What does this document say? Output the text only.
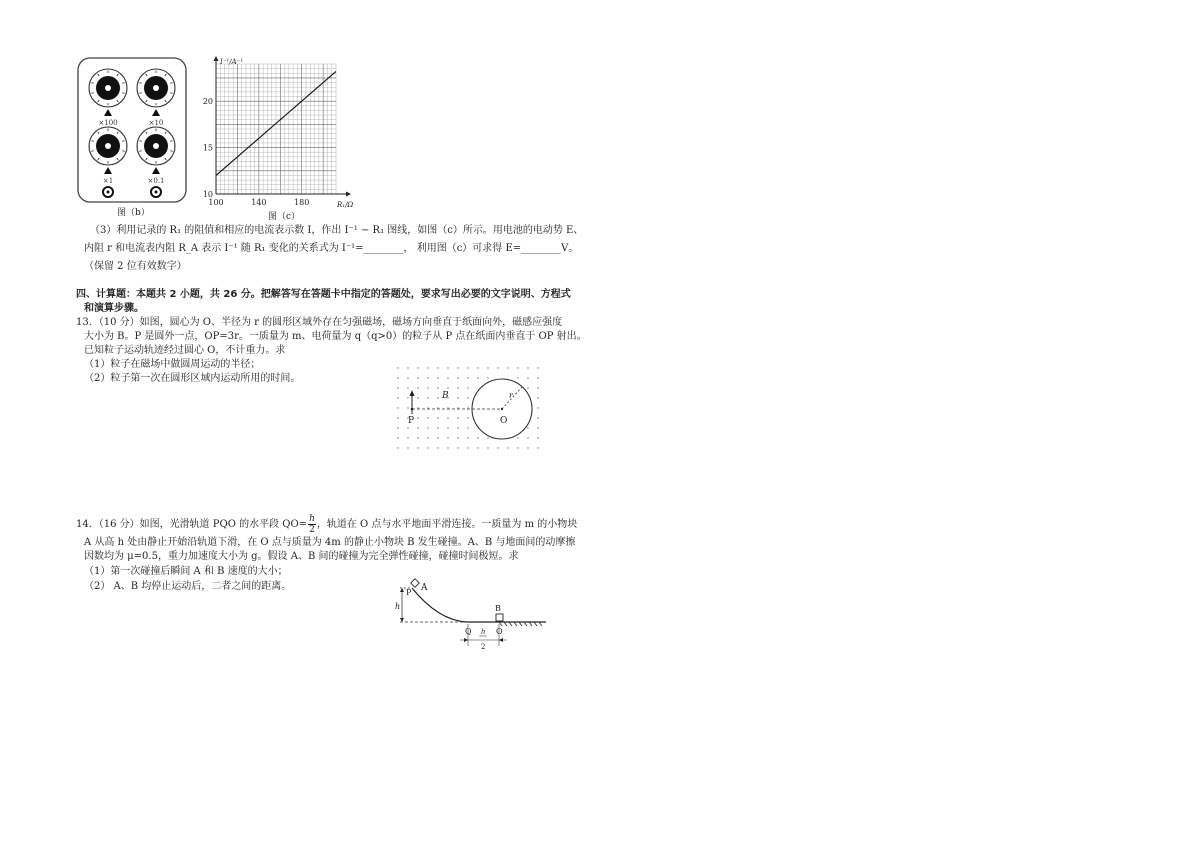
×100	×10
×1	×0.1
图（b）
I⁻¹/A⁻¹
R₁/Ω
20
15
10
100	140	180
图（c）
（3）利用记录的 R₁ 的阻值和相应的电流表示数 I，作出 I⁻¹ − R₁ 图线，如图（c）所示。用电池的电动势 E、
内阻 r 和电流表内阻 R_A 表示 I⁻¹ 随 R₁ 变化的关系式为 I⁻¹=________， 利用图（c）可求得 E=________V。
（保留 2 位有效数字）
四、计算题：本题共 2 小题，共 26 分。把解答写在答题卡中指定的答题处，要求写出必要的文字说明、方程式
和演算步骤。
13．（10 分）如图，圆心为 O、半径为 r 的圆形区域外存在匀强磁场，磁场方向垂直于纸面向外，磁感应强度
大小为 B。P 是圆外一点，OP=3r。一质量为 m、电荷量为 q（q>0）的粒子从 P 点在纸面内垂直于 OP 射出。
已知粒子运动轨迹经过圆心 O，不计重力。求
（1）粒子在磁场中做圆周运动的半径；
（2）粒子第一次在圆形区域内运动所用的时间。
B
P	O
r
14．（16 分）如图，光滑轨道 PQO 的水平段 $QO= \frac{h}{2}$ ，轨道在 O 点与水平地面平滑连接。一质量为 m 的小物块
A 从高 h 处由静止开始沿轨道下滑，在 O 点与质量为 4m 的静止小物块 B 发生碰撞。A、B 与地面间的动摩擦
因数均为 μ=0.5，重力加速度大小为 g。假设 A、B 间的碰撞为完全弹性碰撞，碰撞时间极短。求
（1）第一次碰撞后瞬间 A 和 B 速度的大小；
（2） A、B 均停止运动后，二者之间的距离。	A
P
h	B
Q	O
h
2
